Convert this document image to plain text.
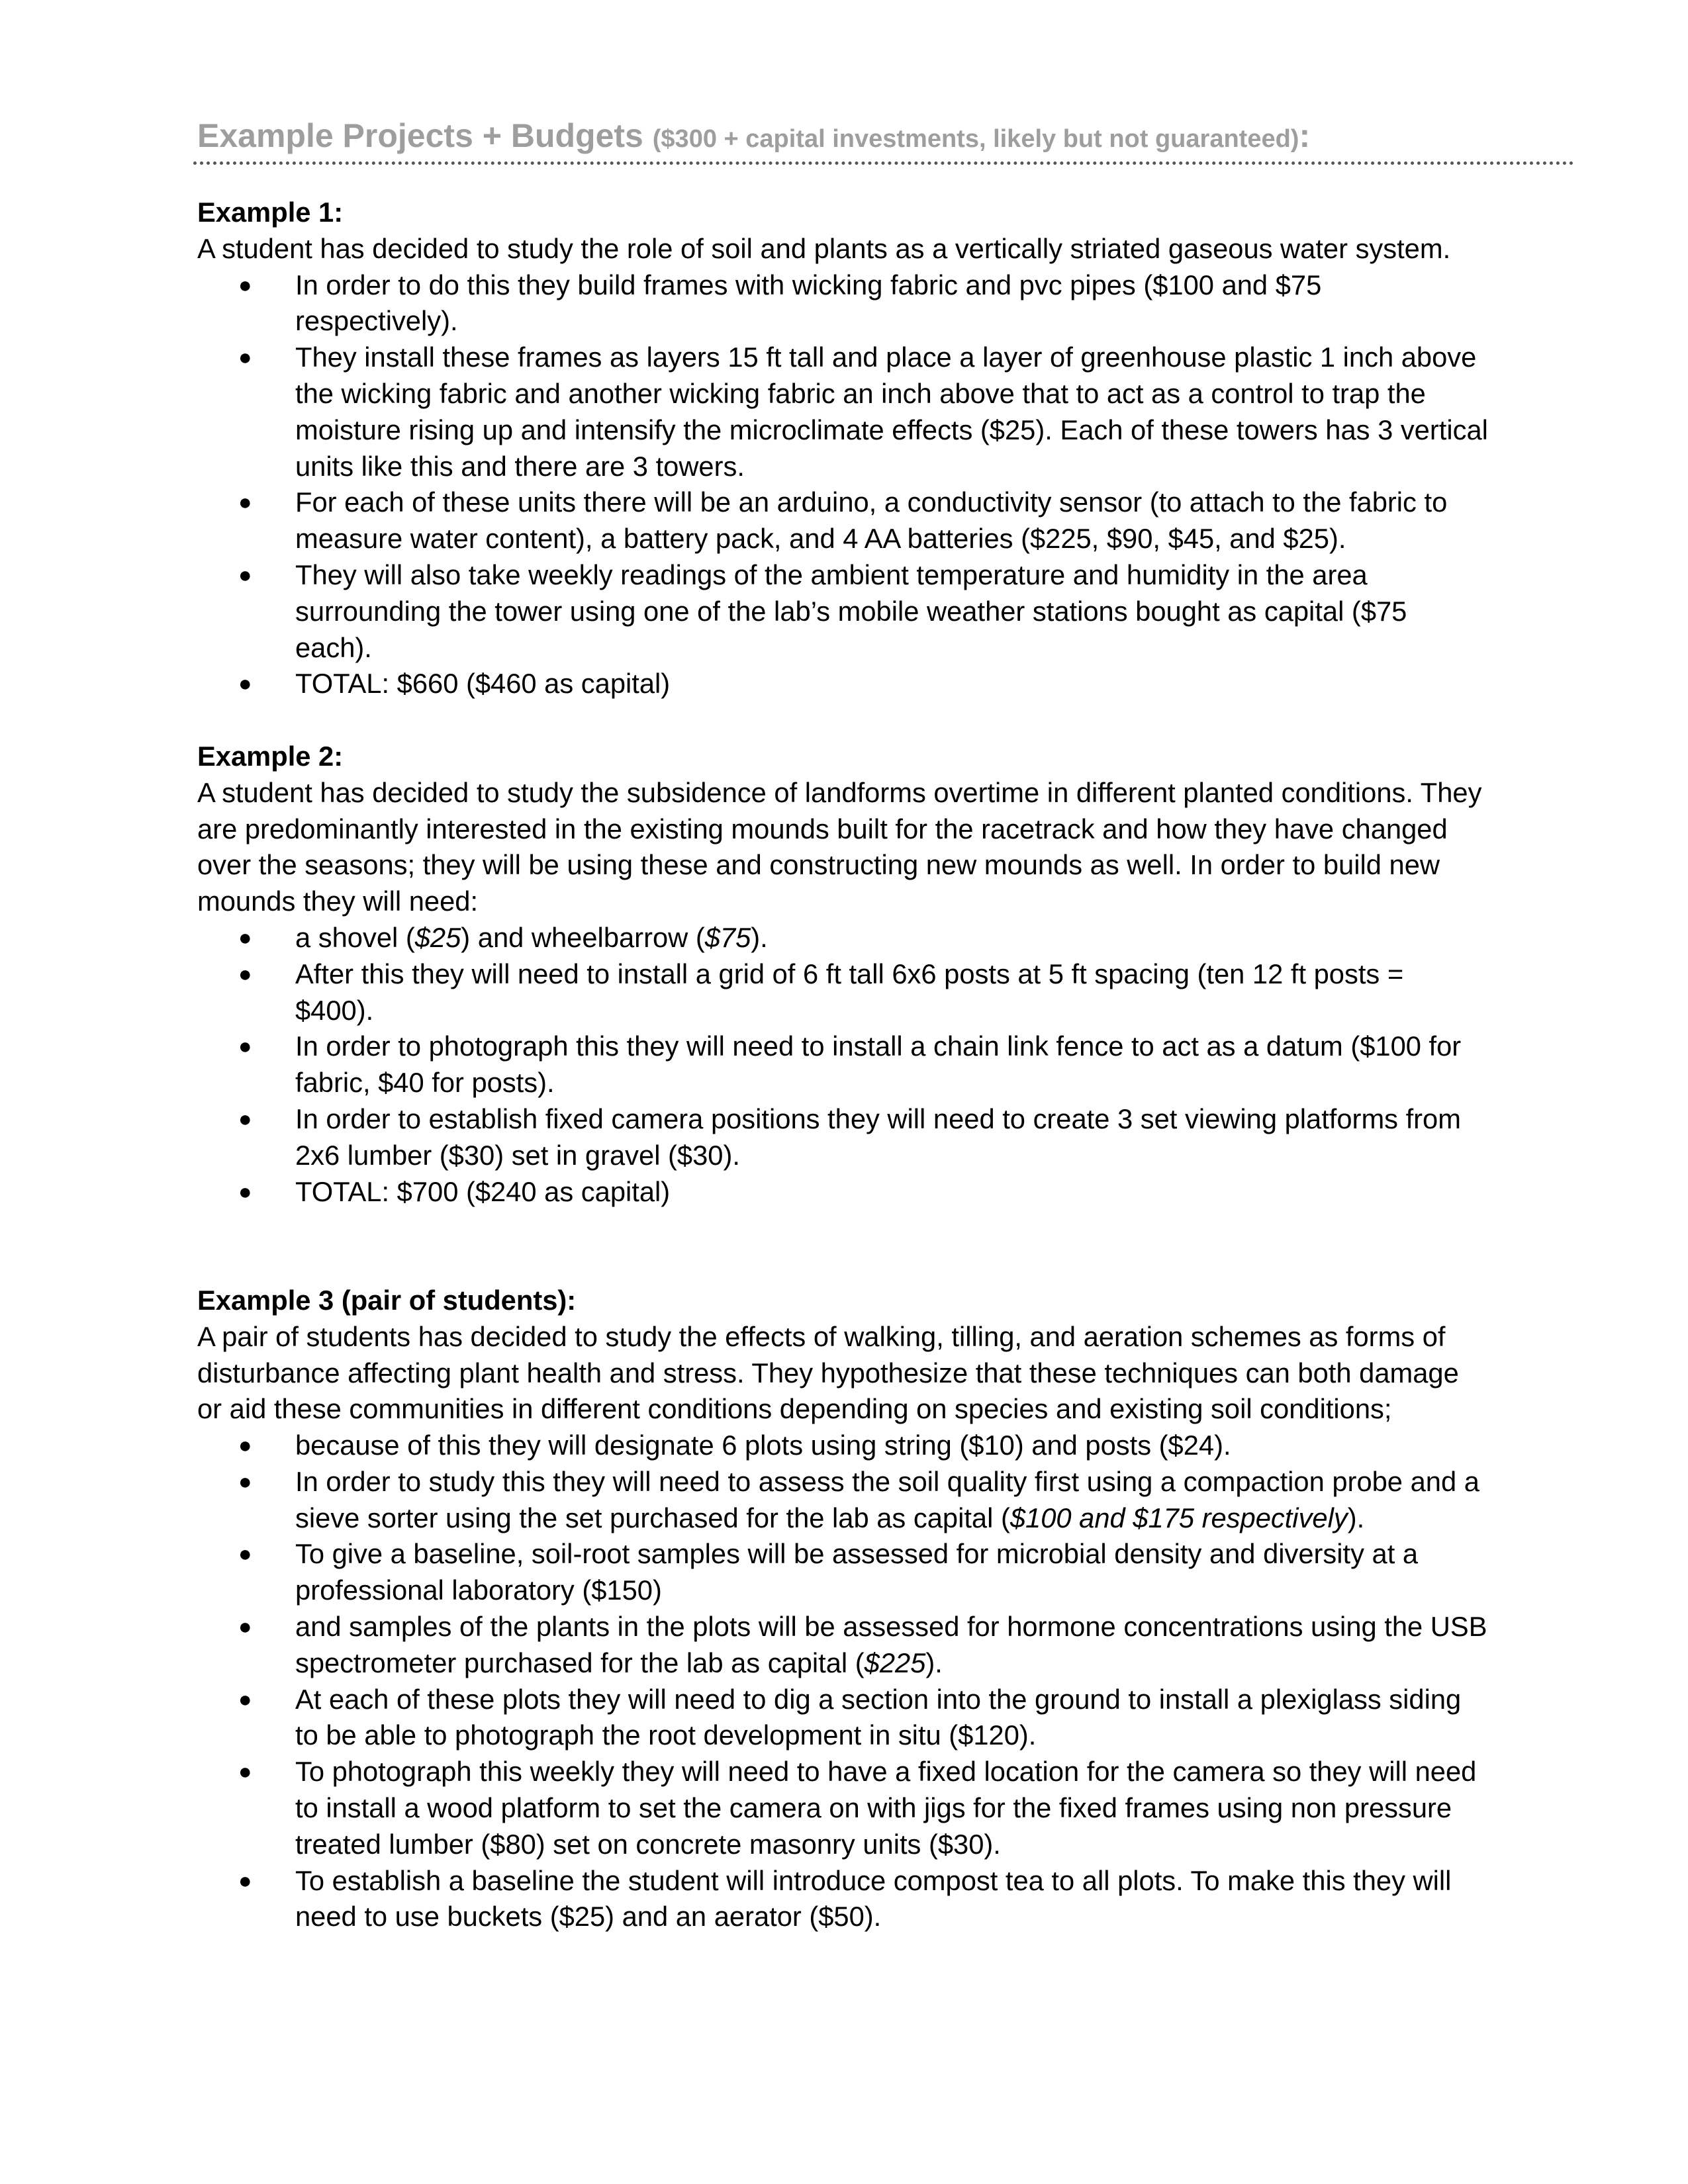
Example Projects + Budgets ($300 + capital investments, likely but not guaranteed):

Example 1:

A student has decided to study the role of soil and plants as a vertically striated gaseous water system.

● In order to do this they build frames with wicking fabric and pvc pipes ($100 and $75 respectively).
● They install these frames as layers 15 ft tall and place a layer of greenhouse plastic 1 inch above the wicking fabric and another wicking fabric an inch above that to act as a control to trap the moisture rising up and intensify the microclimate effects ($25). Each of these towers has 3 vertical units like this and there are 3 towers.
● For each of these units there will be an arduino, a conductivity sensor (to attach to the fabric to measure water content), a battery pack, and 4 AA batteries ($225, $90, $45, and $25).
● They will also take weekly readings of the ambient temperature and humidity in the area surrounding the tower using one of the lab’s mobile weather stations bought as capital ($75 each).
● TOTAL: $660 ($460 as capital)

Example 2:

A student has decided to study the subsidence of landforms overtime in different planted conditions. They are predominantly interested in the existing mounds built for the racetrack and how they have changed over the seasons; they will be using these and constructing new mounds as well. In order to build new mounds they will need:

● a shovel ($25) and wheelbarrow ($75).
● After this they will need to install a grid of 6 ft tall 6x6 posts at 5 ft spacing (ten 12 ft posts = $400).
● In order to photograph this they will need to install a chain link fence to act as a datum ($100 for fabric, $40 for posts).
● In order to establish fixed camera positions they will need to create 3 set viewing platforms from 2x6 lumber ($30) set in gravel ($30).
● TOTAL: $700 ($240 as capital)

Example 3 (pair of students):

A pair of students has decided to study the effects of walking, tilling, and aeration schemes as forms of disturbance affecting plant health and stress. They hypothesize that these techniques can both damage or aid these communities in different conditions depending on species and existing soil conditions;

● because of this they will designate 6 plots using string ($10) and posts ($24).
● In order to study this they will need to assess the soil quality first using a compaction probe and a sieve sorter using the set purchased for the lab as capital ($100 and $175 respectively).
● To give a baseline, soil-root samples will be assessed for microbial density and diversity at a professional laboratory ($150)
● and samples of the plants in the plots will be assessed for hormone concentrations using the USB spectrometer purchased for the lab as capital ($225).
● At each of these plots they will need to dig a section into the ground to install a plexiglass siding to be able to photograph the root development in situ ($120).
● To photograph this weekly they will need to have a fixed location for the camera so they will need to install a wood platform to set the camera on with jigs for the fixed frames using non pressure treated lumber ($80) set on concrete masonry units ($30).
● To establish a baseline the student will introduce compost tea to all plots. To make this they will need to use buckets ($25) and an aerator ($50).
